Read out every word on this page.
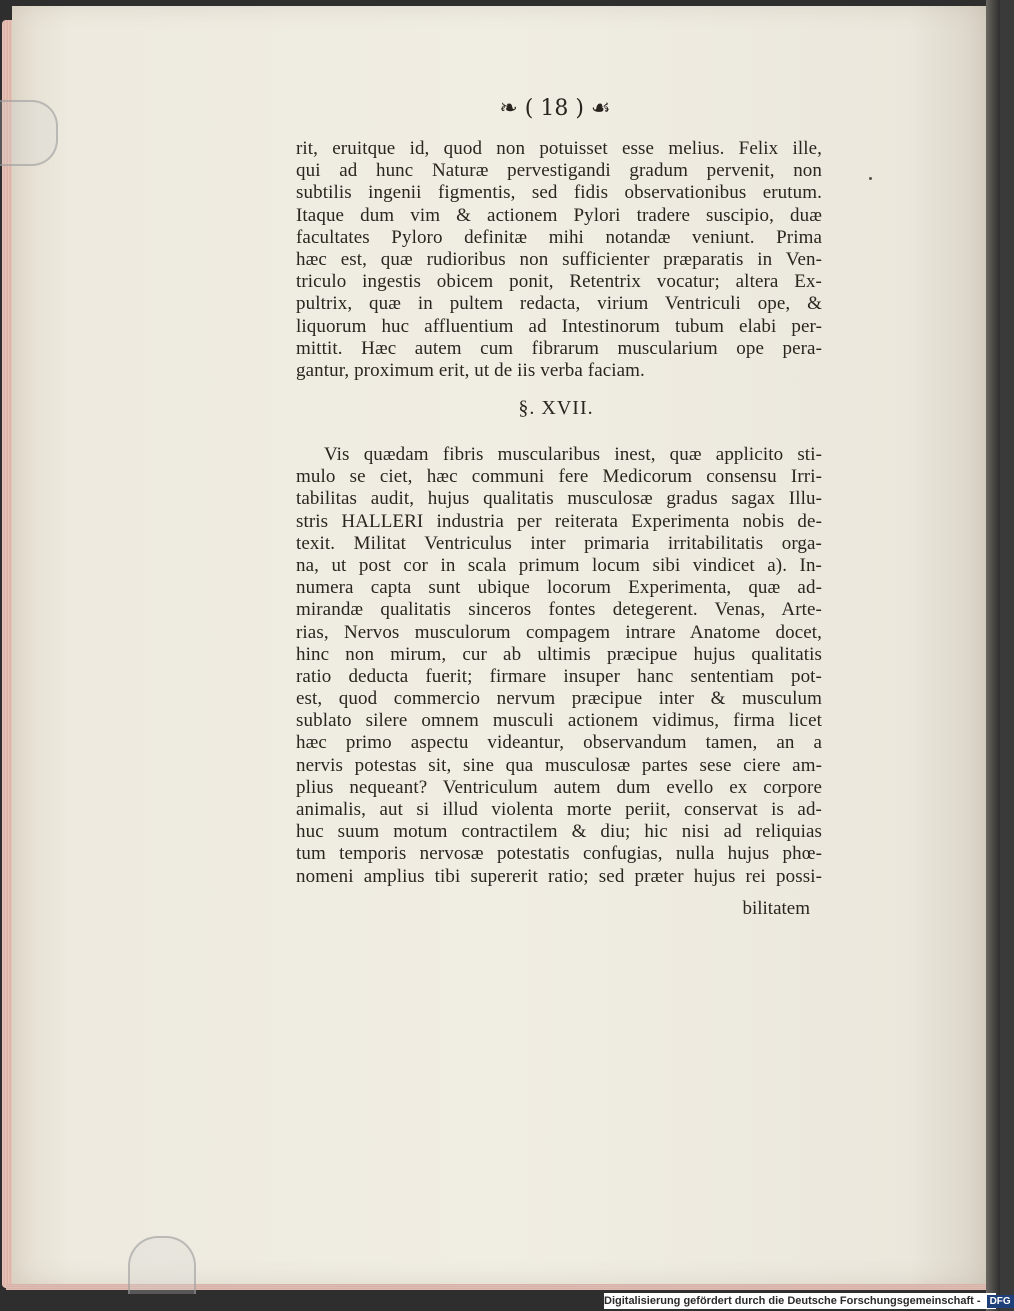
❧ ( 18 ) ☙
rit, eruitque id, quod non potuisset esse melius. Felix ille,
qui ad hunc Naturæ pervestigandi gradum pervenit, non
subtilis ingenii figmentis, sed fidis observationibus erutum.
Itaque dum vim & actionem Pylori tradere suscipio, duæ
facultates Pyloro definitæ mihi notandæ veniunt. Prima
hæc est, quæ rudioribus non sufficienter præparatis in Ven-
triculo ingestis obicem ponit, Retentrix vocatur; altera Ex-
pultrix, quæ in pultem redacta, virium Ventriculi ope, &
liquorum huc affluentium ad Intestinorum tubum elabi per-
mittit. Hæc autem cum fibrarum muscularium ope pera-
gantur, proximum erit, ut de iis verba faciam.
§. XVII.
Vis quædam fibris muscularibus inest, quæ applicito sti-
mulo se ciet, hæc communi fere Medicorum consensu Irri-
tabilitas audit, hujus qualitatis musculosæ gradus sagax Illu-
stris HALLERI industria per reiterata Experimenta nobis de-
texit. Militat Ventriculus inter primaria irritabilitatis orga-
na, ut post cor in scala primum locum sibi vindicet a). In-
numera capta sunt ubique locorum Experimenta, quæ ad-
mirandæ qualitatis sinceros fontes detegerent. Venas, Arte-
rias, Nervos musculorum compagem intrare Anatome docet,
hinc non mirum, cur ab ultimis præcipue hujus qualitatis
ratio deducta fuerit; firmare insuper hanc sententiam pot-
est, quod commercio nervum præcipue inter & musculum
sublato silere omnem musculi actionem vidimus, firma licet
hæc primo aspectu videantur, observandum tamen, an a
nervis potestas sit, sine qua musculosæ partes sese ciere am-
plius nequeant? Ventriculum autem dum evello ex corpore
animalis, aut si illud violenta morte periit, conservat is ad-
huc suum motum contractilem & diu; hic nisi ad reliquias
tum temporis nervosæ potestatis confugias, nulla hujus phœ-
nomeni amplius tibi supererit ratio; sed præter hujus rei possi-
bilitatem
Digitalisierung gefördert durch die Deutsche Forschungsgemeinschaft - DFG
